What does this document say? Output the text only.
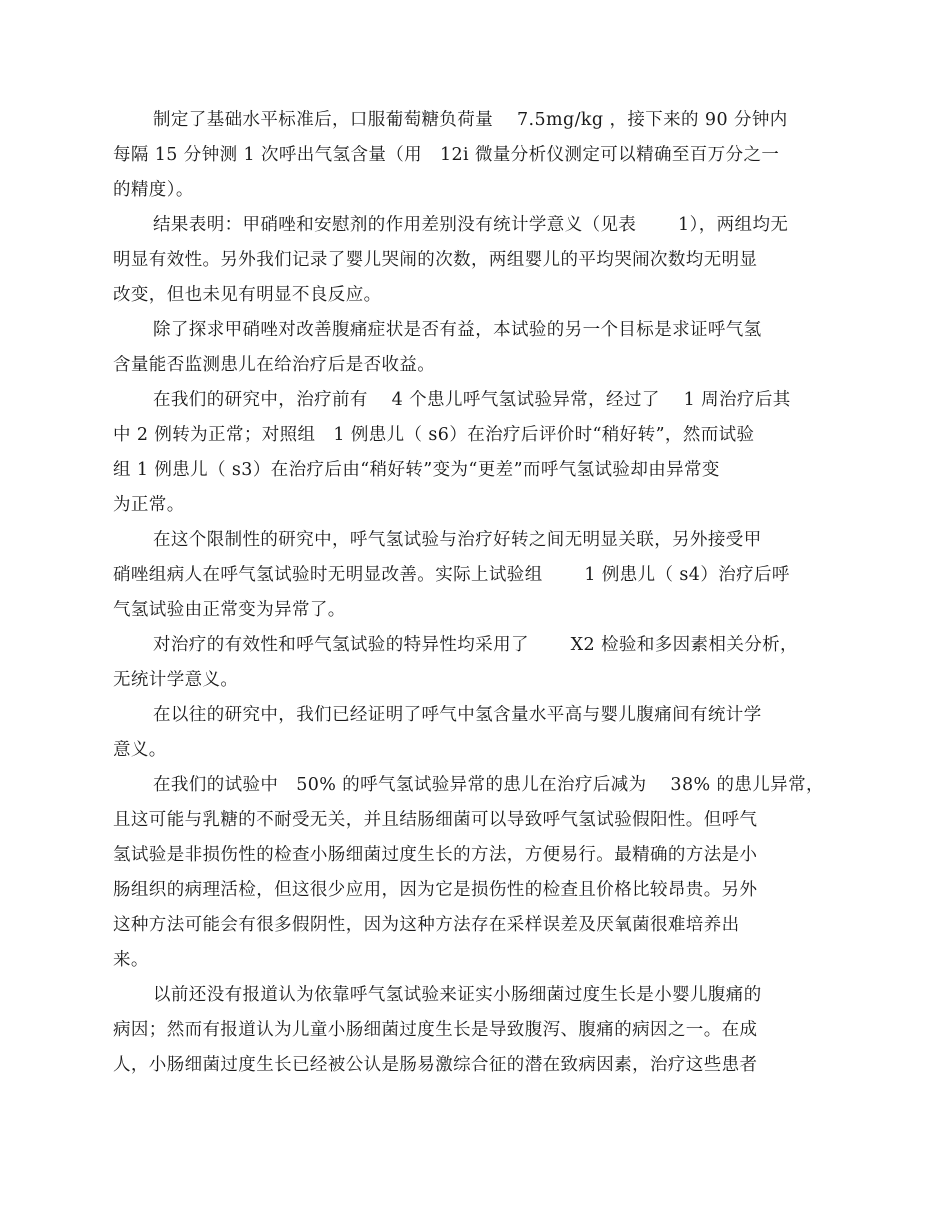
制定了基础水平标准后，口服葡萄糖负荷量　 7.5mg/kg ，接下来的 90 分钟内
每隔 15 分钟测 1 次呼出气氢含量（用　12i 微量分析仪测定可以精确至百万分之一
的精度）。
结果表明：甲硝唑和安慰剂的作用差别没有统计学意义（见表　　 1），两组均无
明显有效性。另外我们记录了婴儿哭闹的次数，两组婴儿的平均哭闹次数均无明显
改变，但也未见有明显不良反应。
除了探求甲硝唑对改善腹痛症状是否有益，本试验的另一个目标是求证呼气氢
含量能否监测患儿在给治疗后是否收益。
在我们的研究中，治疗前有　 4 个患儿呼气氢试验异常，经过了　 1 周治疗后其
中 2 例转为正常；对照组　1 例患儿（ s6）在治疗后评价时“稍好转”，然而试验
组 1 例患儿（ s3）在治疗后由“稍好转”变为“更差”而呼气氢试验却由异常变
为正常。
在这个限制性的研究中，呼气氢试验与治疗好转之间无明显关联，另外接受甲
硝唑组病人在呼气氢试验时无明显改善。实际上试验组　　 1 例患儿（ s4）治疗后呼
气氢试验由正常变为异常了。
对治疗的有效性和呼气氢试验的特异性均采用了　　 X2 检验和多因素相关分析，
无统计学意义。
在以往的研究中，我们已经证明了呼气中氢含量水平高与婴儿腹痛间有统计学
意义。
在我们的试验中　50% 的呼气氢试验异常的患儿在治疗后减为　 38% 的患儿异常，
且这可能与乳糖的不耐受无关，并且结肠细菌可以导致呼气氢试验假阳性。但呼气
氢试验是非损伤性的检查小肠细菌过度生长的方法，方便易行。最精确的方法是小
肠组织的病理活检，但这很少应用，因为它是损伤性的检查且价格比较昂贵。另外
这种方法可能会有很多假阴性，因为这种方法存在采样误差及厌氧菌很难培养出
来。
以前还没有报道认为依靠呼气氢试验来证实小肠细菌过度生长是小婴儿腹痛的
病因；然而有报道认为儿童小肠细菌过度生长是导致腹泻、腹痛的病因之一。在成
人，小肠细菌过度生长已经被公认是肠易激综合征的潜在致病因素，治疗这些患者
